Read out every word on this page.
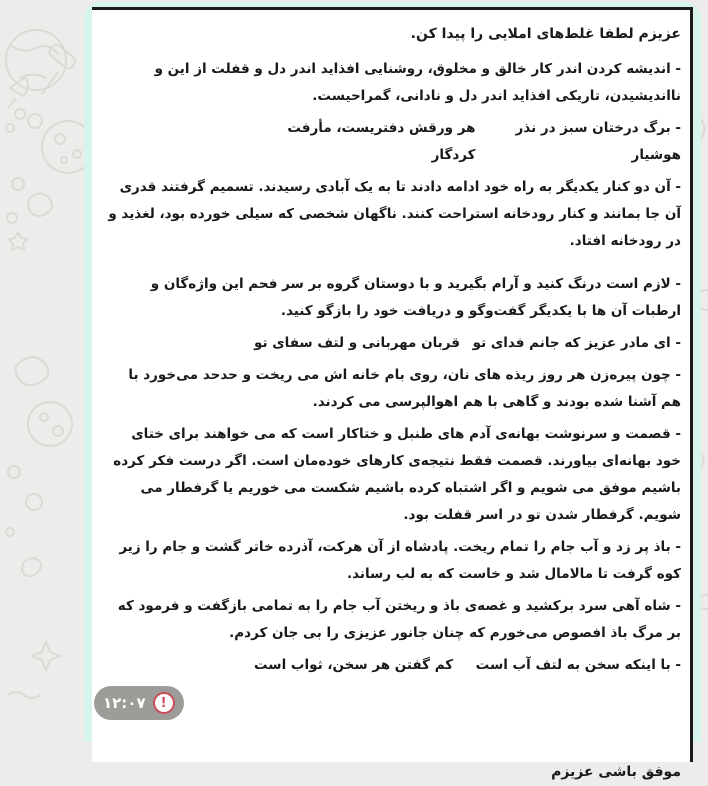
عزیزم لطفا غلط‌های املایی را پیدا کن.

- اندیشه کردن اندر کار خالق و مخلوق، روشنایی افذاید اندر دل و قفلت از این و نااندیشیدن، تاریکی افذاید اندر دل و نادانی، گمراحیست.

- برگ درختان سبز در نذر هوشیار
هر ورقش دفتریست، مأرفت کردگار

- آن دو کنار یکدیگر به راه خود ادامه دادند تا به یک آبادی رسیدند. تسمیم گرفتند قدری آن جا بمانند و کنار رودخانه استراحت کنند. ناگهان شخصی که سیلی خورده بود، لغذید و در رودخانه افتاد.

- لازم است درنگ کنید و آرام بگیرید و با دوستان گروه بر سر فحم این واژه‌گان و ارطبات آن ها با یکدیگر گفت‌وگو و دریافت خود را بازگو کنید.

- ای مادر عزیز که جانم فدای تو
قربان مهربانی و لتف سفای تو

- چون پیره‌زن هر روز ریذه های نان، روی بام خانه اش می ریخت و حدحد می‌خورد با هم آشنا شده بودند و گاهی با هم اهوالپرسی می کردند.

- قصمت و سرنوشت بهانه‌ی آدم های طنبل و ختاکار است که می خواهند برای ختای خود بهانه‌ای بیاورند. قصمت فقط نتیجه‌ی کارهای خوده‌مان است. اگر درست فکر کرده باشیم موفق می شویم و اگر اشتباه کرده باشیم شکست می خوریم یا گرفطار می شویم. گرفطار شدن تو در اسر قفلت بود.

- باذ پر زد و آب جام را تمام ریخت. پادشاه از آن هرکت، آذرده خاتر گشت و جام را زیر کوه گرفت تا مالامال شد و خاست که به لب رساند.

- شاه آهی سرد برکشید و غصه‌ی باذ و ریختن آب جام را به تمامی بازگفت و فرمود که بر مرگ باذ افصوص می‌خورم که چنان جانور عزیزی را بی جان کردم.

- با اینکه سخن به لتف آب است
کم گفتن هر سخن، ثواب است

موفق باشی عزیزم

!
۱۲:۰۷
